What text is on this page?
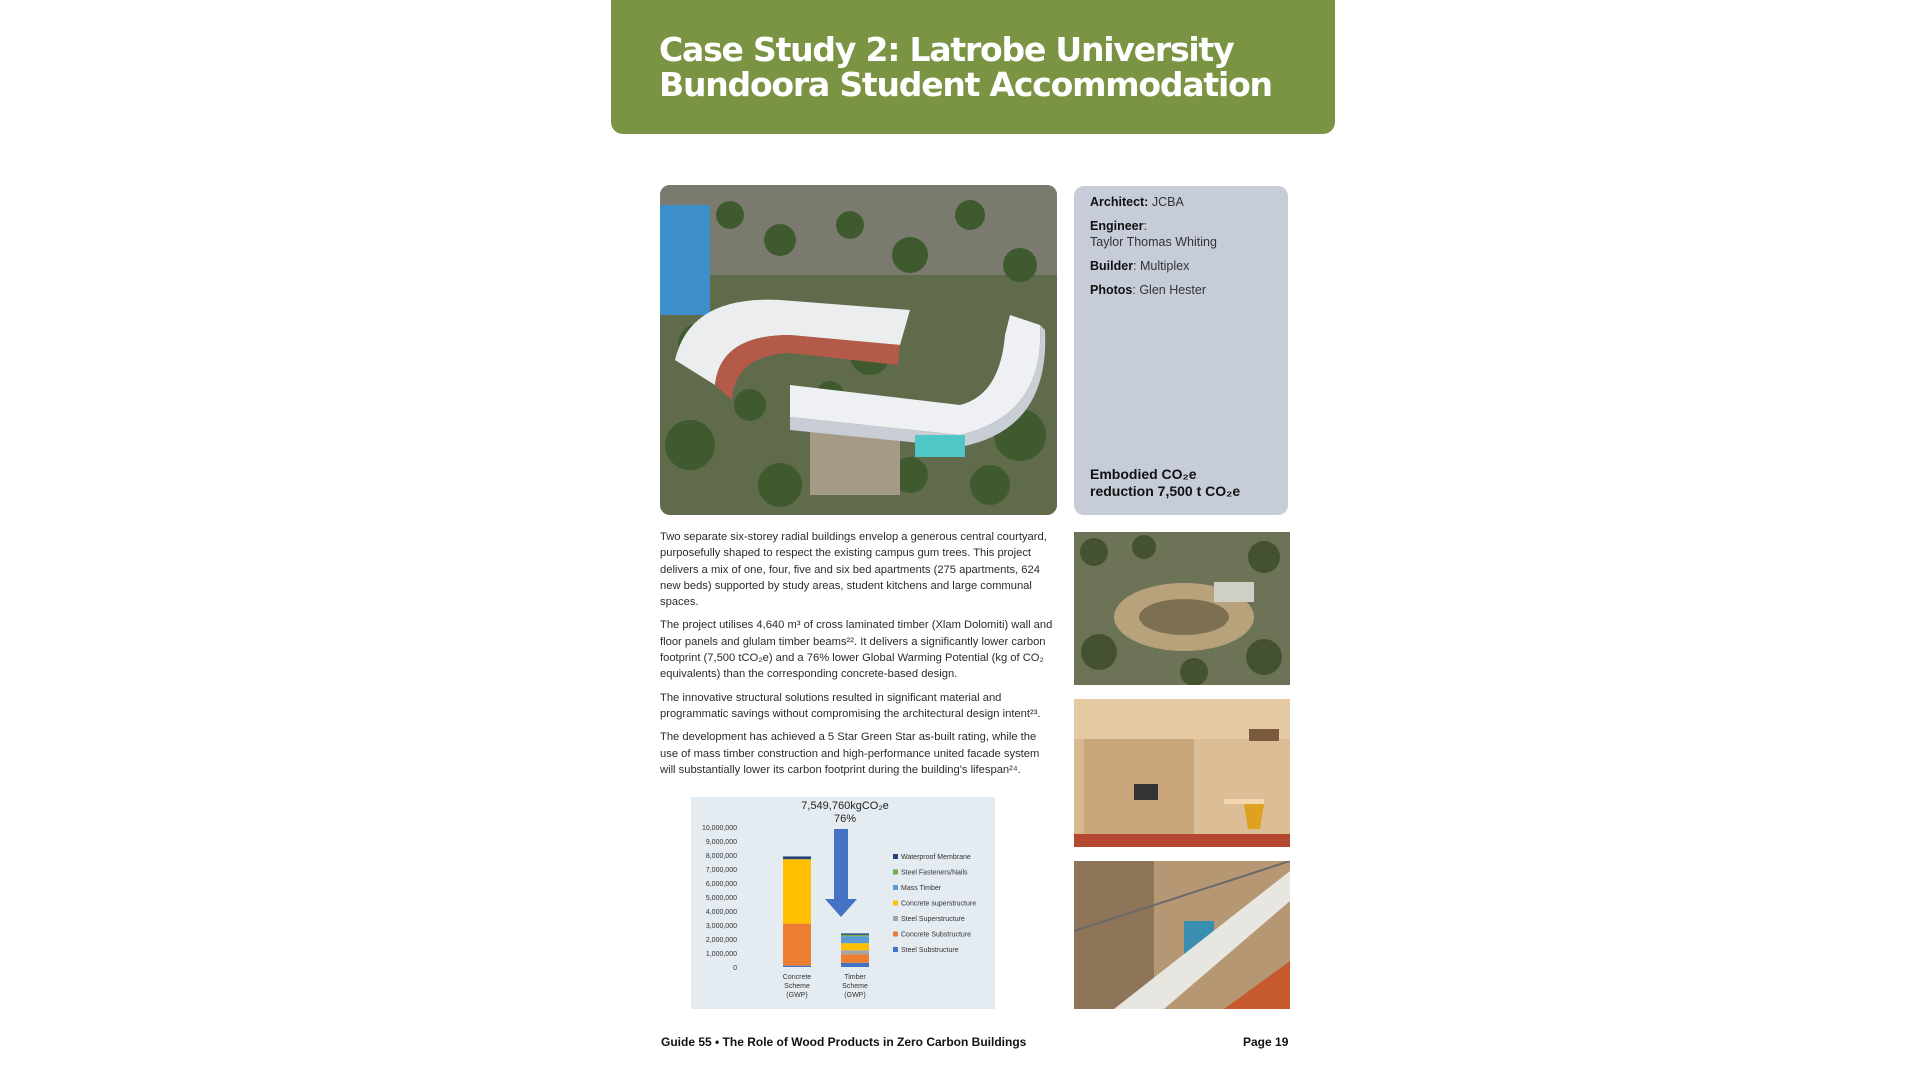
Case Study 2: Latrobe University
Bundoora Student Accommodation
Architect: JCBA
Engineer:
Taylor Thomas Whiting
Builder: Multiplex
Photos: Glen Hester
Embodied CO₂e
reduction 7,500 t CO₂e

Two separate six-storey radial buildings envelop a generous central courtyard, purposefully shaped to respect the existing campus gum trees. This project delivers a mix of one, four, five and six bed apartments (275 apartments, 624 new beds) supported by study areas, student kitchens and large communal spaces.

The project utilises 4,640 m³ of cross laminated timber (Xlam Dolomiti) wall and floor panels and glulam timber beams²². It delivers a significantly lower carbon footprint (7,500 tCO₂e) and a 76% lower Global Warming Potential (kg of CO₂ equivalents) than the corresponding concrete-based design.

The innovative structural solutions resulted in significant material and programmatic savings without compromising the architectural design intent²³.

The development has achieved a 5 Star Green Star as-built rating, while the use of mass timber construction and high-performance united facade system will substantially lower its carbon footprint during the building's lifespan²⁴.

7,549,760kgCO₂e
76%
10,000,000
9,000,000
8,000,000
7,000,000
6,000,000
5,000,000
4,000,000
3,000,000
2,000,000
1,000,000
0
Waterproof Membrane
Steel Fasteners/Nails
Mass Timber
Concrete superstructure
Steel Superstructure
Concrete Substructure
Steel Substructure
Concrete
Scheme
(GWP)
Timber
Scheme
(GWP)
Guide 55 • The Role of Wood Products in Zero Carbon Buildings	Page 19
